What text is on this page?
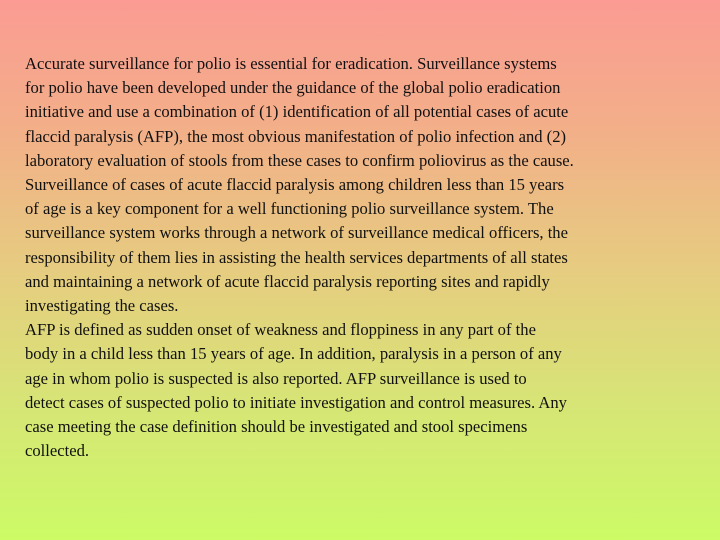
Accurate surveillance for polio is essential for eradication. Surveillance systems

for polio have been developed under the guidance of the global polio eradication

initiative and use a combination of (1) identification of all potential cases of acute

flaccid paralysis (AFP), the most obvious manifestation of polio infection and (2)

laboratory evaluation of stools from these cases to confirm poliovirus as the cause.

Surveillance of cases of acute flaccid paralysis among children less than 15 years

of age is a key component for a well functioning polio surveillance system. The

surveillance system works through a network of surveillance medical officers, the

responsibility of them lies in assisting the health services departments of all states

and maintaining a network of acute flaccid paralysis reporting sites and rapidly

investigating the cases.

AFP is defined as sudden onset of weakness and floppiness in any part of the

body in a child less than 15 years of age. In addition, paralysis in a person of any

age in whom polio is suspected is also reported. AFP surveillance is used to

detect cases of suspected polio to initiate investigation and control measures. Any

case meeting the case definition should be investigated and stool specimens

collected.
